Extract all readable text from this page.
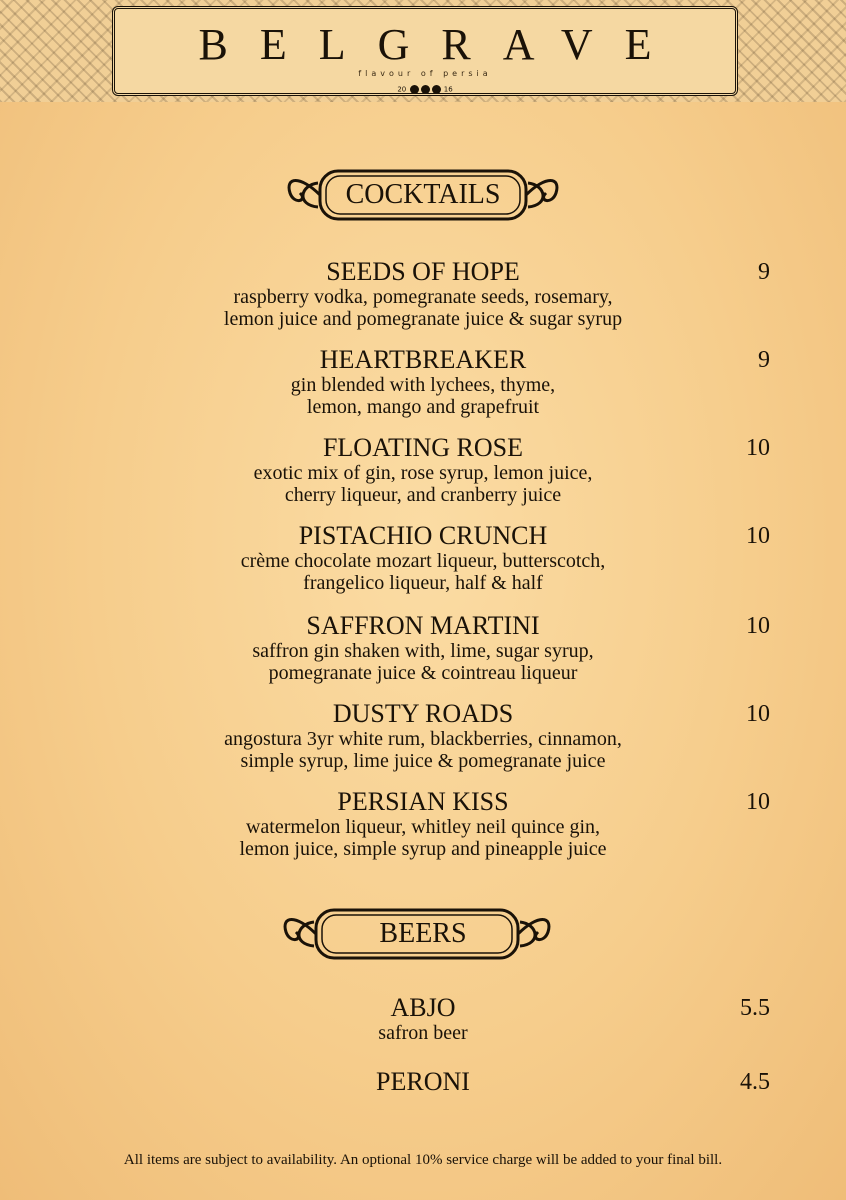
BELGRAVE
flavour of persia
20	16
COCKTAILS
SEEDS OF HOPE
raspberry vodka, pomegranate seeds, rosemary,
lemon juice and pomegranate juice & sugar syrup
9
HEARTBREAKER
gin blended with lychees, thyme,
lemon, mango and grapefruit
9
FLOATING ROSE
exotic mix of gin, rose syrup, lemon juice,
cherry liqueur, and cranberry juice
10
PISTACHIO CRUNCH
crème chocolate mozart liqueur, butterscotch,
frangelico liqueur, half & half
10
SAFFRON MARTINI
saffron gin shaken with, lime, sugar syrup,
pomegranate juice & cointreau liqueur
10
DUSTY ROADS
angostura 3yr white rum, blackberries, cinnamon,
simple syrup, lime juice & pomegranate juice
10
PERSIAN KISS
watermelon liqueur, whitley neil quince gin,
lemon juice, simple syrup and pineapple juice
10
BEERS
ABJO
safron beer
5.5
PERONI	4.5
All items are subject to availability. An optional 10% service charge will be added to your final bill.
